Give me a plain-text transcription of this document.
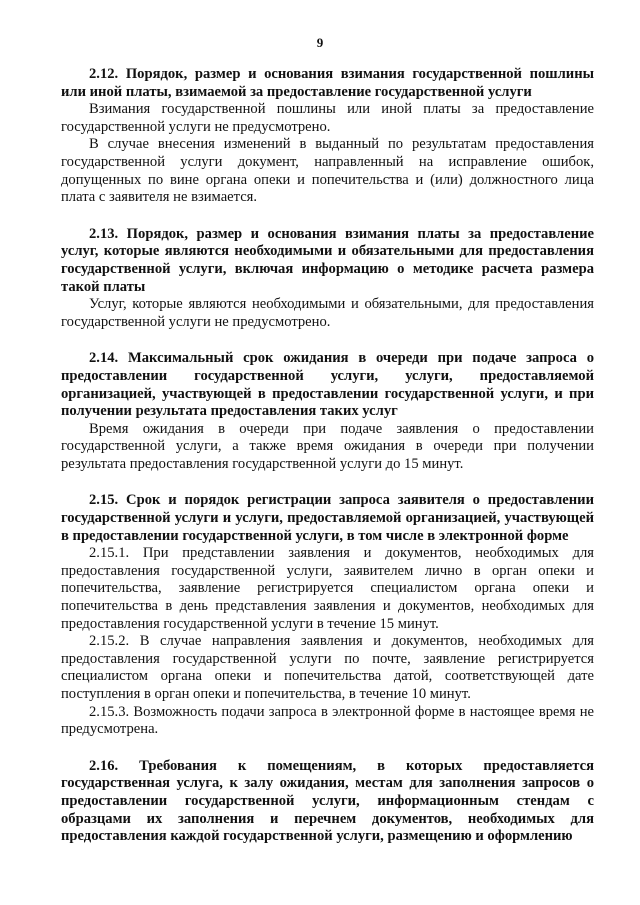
9

2.12. Порядок, размер и основания взимания государственной пошлины или иной платы, взимаемой за предоставление государственной услуги

Взимания государственной пошлины или иной платы за предоставление государственной услуги не предусмотрено.

В случае внесения изменений в выданный по результатам предоставления государственной услуги документ, направленный на исправление ошибок, допущенных по вине органа опеки и попечительства и (или) должностного лица плата с заявителя не взимается.

2.13. Порядок, размер и основания взимания платы за предоставление услуг, которые являются необходимыми и обязательными для предоставления государственной услуги, включая информацию о методике расчета размера такой платы

Услуг, которые являются необходимыми и обязательными, для предоставления государственной услуги не предусмотрено.

2.14. Максимальный срок ожидания в очереди при подаче запроса о предоставлении государственной услуги, услуги, предоставляемой организацией, участвующей в предоставлении государственной услуги, и при получении результата предоставления таких услуг

Время ожидания в очереди при подаче заявления о предоставлении государственной услуги, а также время ожидания в очереди при получении результата предоставления государственной услуги до 15 минут.

2.15. Срок и порядок регистрации запроса заявителя о предоставлении государственной услуги и услуги, предоставляемой организацией, участвующей в предоставлении государственной услуги, в том числе в электронной форме

2.15.1. При представлении заявления и документов, необходимых для предоставления государственной услуги, заявителем лично в орган опеки и попечительства, заявление регистрируется специалистом органа опеки и попечительства в день представления заявления и документов, необходимых для предоставления государственной услуги в течение 15 минут.

2.15.2. В случае направления заявления и документов, необходимых для предоставления государственной услуги по почте, заявление регистрируется специалистом органа опеки и попечительства датой, соответствующей дате поступления в орган опеки и попечительства, в течение 10 минут.

2.15.3. Возможность подачи запроса в электронной форме в настоящее время не предусмотрена.

2.16. Требования к помещениям, в которых предоставляется государственная услуга, к залу ожидания, местам для заполнения запросов о предоставлении государственной услуги, информационным стендам с образцами их заполнения и перечнем документов, необходимых для предоставления каждой государственной услуги, размещению и оформлению
